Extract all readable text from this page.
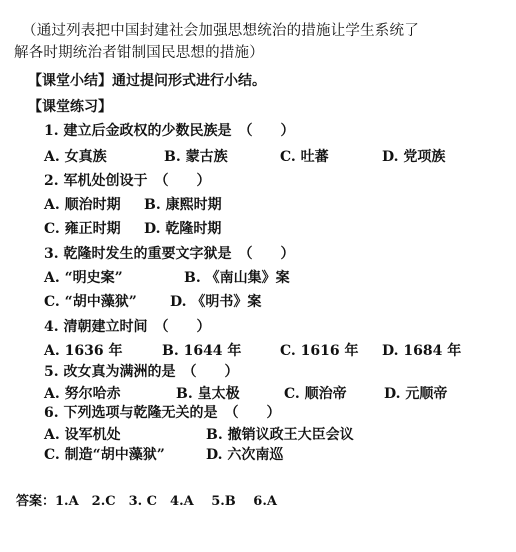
（通过列表把中国封建社会加强思想统治的措施让学生系统了
解各时期统治者钳制国民思想的措施）
【课堂小结】通过提问形式进行小结。
【课堂练习】
1. 建立后金政权的少数民族是　（　　）
A. 女真族	B. 蒙古族	C. 吐蕃	D. 党项族
2. 军机处创设于　（　　）
A. 顺治时期 B. 康熙时期
C. 雍正时期 D. 乾隆时期
3. 乾隆时发生的重要文字狱是　（　　）
A. “明史案”	B. 《南山集》案
C. “胡中藻狱” D. 《明书》案
4. 清朝建立时间　（　　）
A. 1636 年	B. 1644 年	C. 1616 年 D. 1684 年
5. 改女真为满洲的是　（　　）
A. 努尔哈赤	B. 皇太极	C. 顺治帝	D. 元顺帝
6. 下列选项与乾隆无关的是　（　　）
A. 设军机处	B. 撤销议政王大臣会议
C. 制造“胡中藻狱”	D. 六次南巡
答案：1.A　2.C　3. C　4.A　 5.B　 6.A
